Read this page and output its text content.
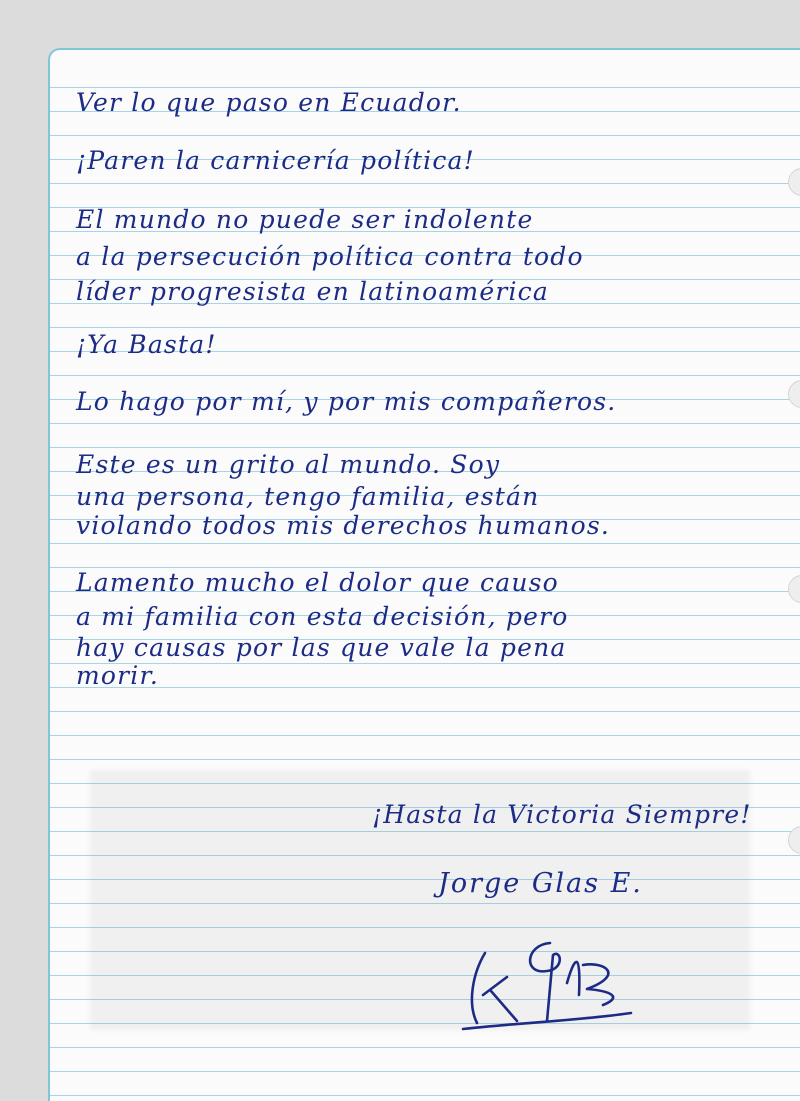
Ver lo que paso en Ecuador.

¡Paren la carnicería política!

El mundo no puede ser indolente

a la persecución política contra todo

líder progresista en latinoamérica

¡Ya Basta!

Lo hago por mí, y por mis compañeros.

Este es un grito al mundo. Soy

una persona, tengo familia, están

violando todos mis derechos humanos.

Lamento mucho el dolor que causo

a mi familia con esta decisión, pero

hay causas por las que vale la pena

morir.

¡Hasta la Victoria Siempre!

Jorge Glas E.
